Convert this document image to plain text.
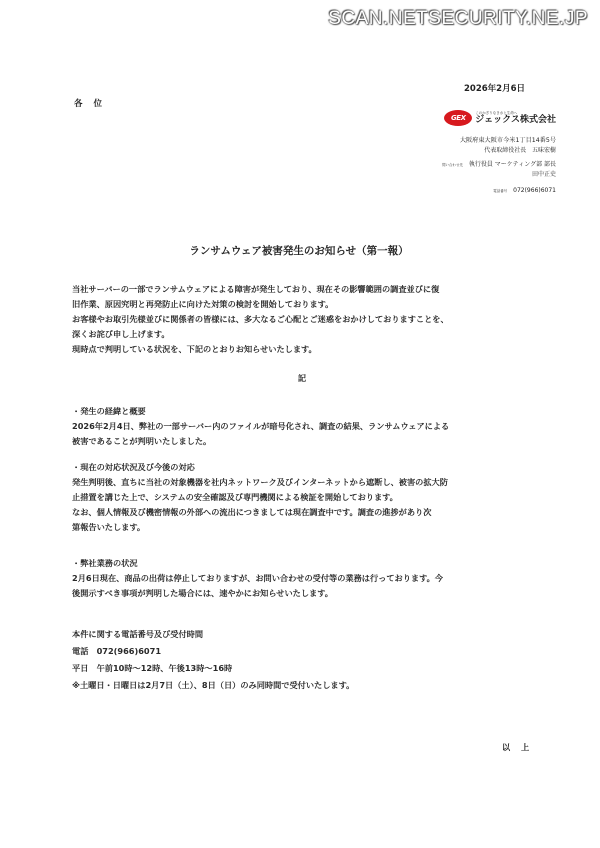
SCAN.NETSECURITY.NE.JP
2026年2月6日
各 位
GEX
このかぎりなき水と生命へ
ジェックス株式会社
大阪府東大阪市今米1丁目14番5号
代表取締役社長 五味宏樹
問い合わせ先 執行役員 マーケティング部 部長
田中正史
電話番号 072(966)6071
ランサムウェア被害発生のお知らせ（第一報）

当社サーバーの一部でランサムウェアによる障害が発生しており、現在その影響範囲の調査並びに復

旧作業、原因究明と再発防止に向けた対策の検討を開始しております。

お客様やお取引先様並びに関係者の皆様には、多大なるご心配とご迷惑をおかけしておりますことを、

深くお詫び申し上げます。

現時点で判明している状況を、下記のとおりお知らせいたします。

記

・発生の経緯と概要

2026年2月4日、弊社の一部サーバー内のファイルが暗号化され、調査の結果、ランサムウェアによる

被害であることが判明いたしました。

・現在の対応状況及び今後の対応

発生判明後、直ちに当社の対象機器を社内ネットワーク及びインターネットから遮断し、被害の拡大防

止措置を講じた上で、システムの安全確認及び専門機関による検証を開始しております。

なお、個人情報及び機密情報の外部への流出につきましては現在調査中です。調査の進捗があり次

第報告いたします。

・弊社業務の状況

2月6日現在、商品の出荷は停止しておりますが、お問い合わせの受付等の業務は行っております。今

後開示すべき事項が判明した場合には、速やかにお知らせいたします。

本件に関する電話番号及び受付時間

電話　072(966)6071

平日　午前10時～12時、午後13時～16時

※土曜日・日曜日は2月7日（土）、8日（日）のみ同時間で受付いたします。

以 上
